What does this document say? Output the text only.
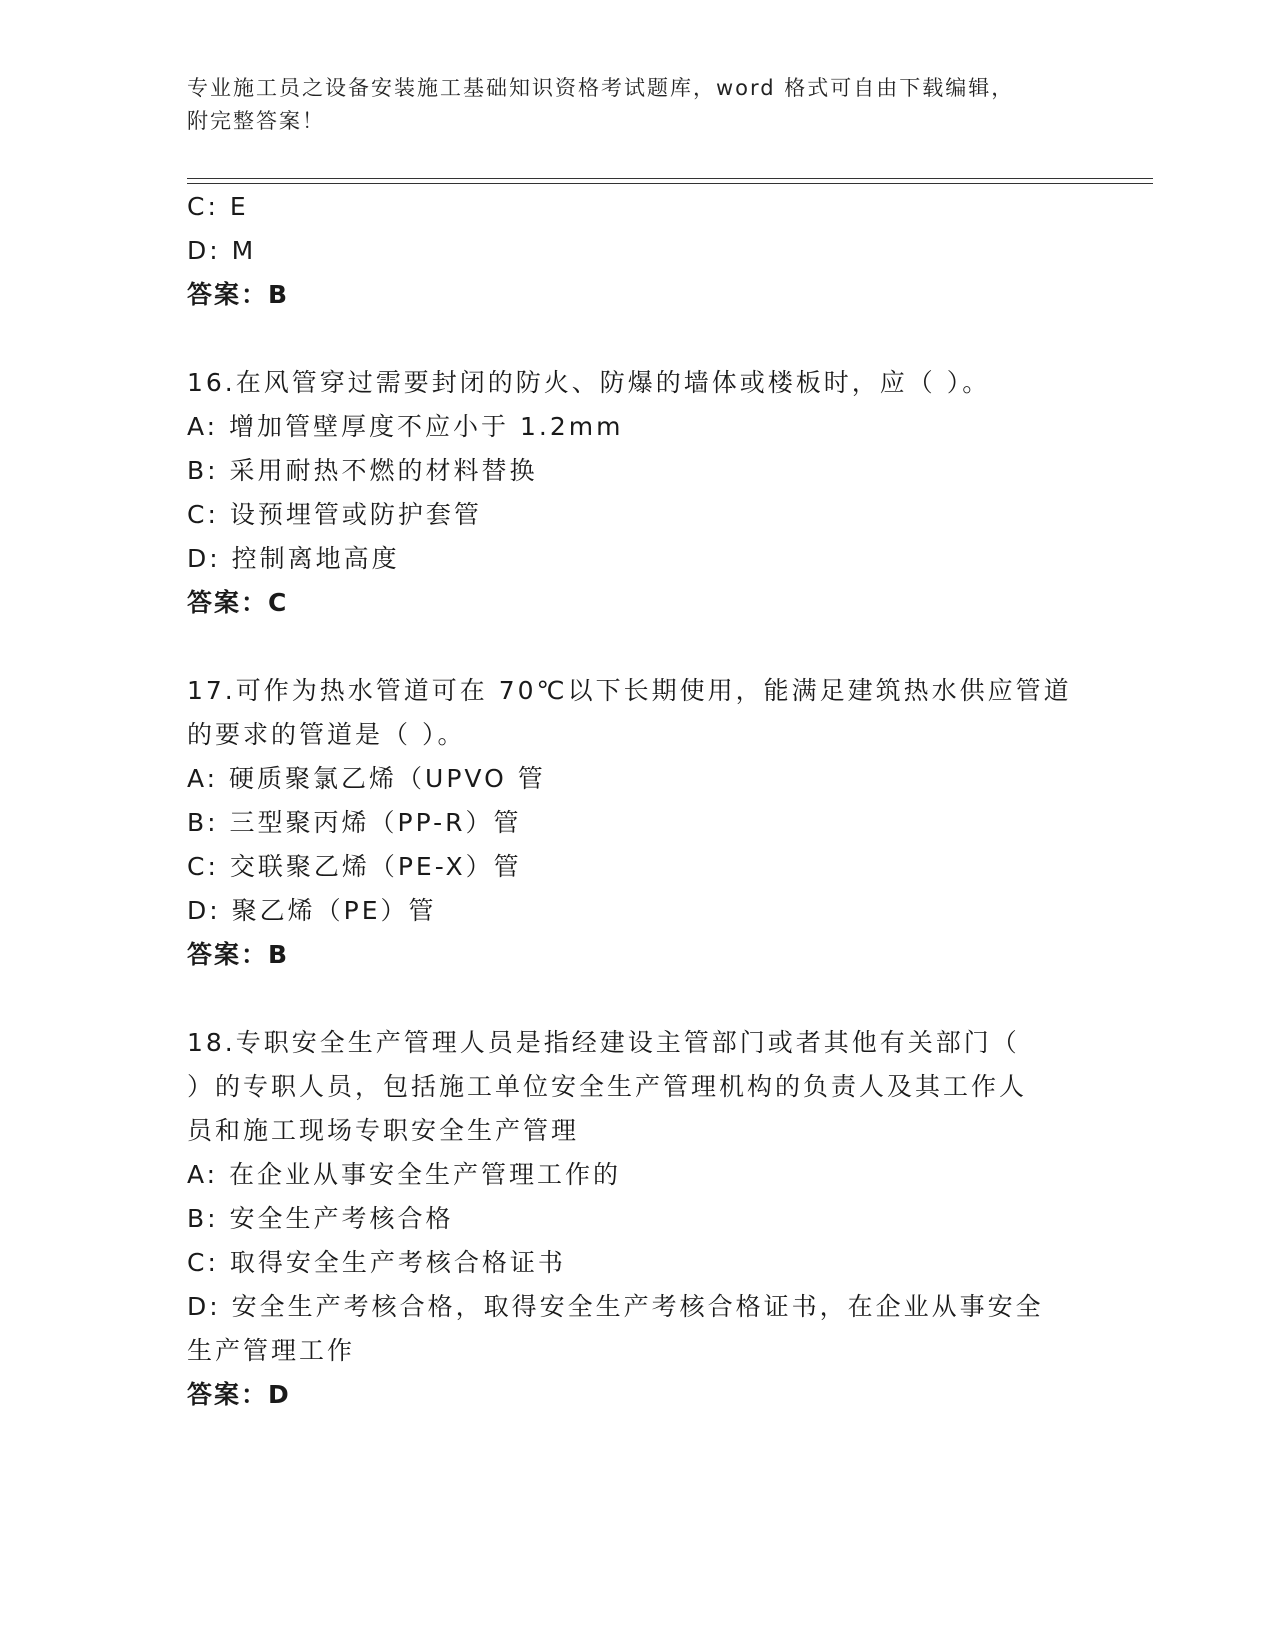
专业施工员之设备安装施工基础知识资格考试题库，word 格式可自由下载编辑，
附完整答案！
C: E
D: M
答案：B
16.在风管穿过需要封闭的防火、防爆的墙体或楼板时，应（ ）。
A: 增加管壁厚度不应小于 1.2mm
B: 采用耐热不燃的材料替换
C: 设预埋管或防护套管
D: 控制离地高度
答案：C
17.可作为热水管道可在 70℃以下长期使用，能满足建筑热水供应管道
的要求的管道是（ ）。
A: 硬质聚氯乙烯（UPVO 管
B: 三型聚丙烯（PP-R）管
C: 交联聚乙烯（PE-X）管
D: 聚乙烯（PE）管
答案：B
18.专职安全生产管理人员是指经建设主管部门或者其他有关部门（
）的专职人员，包括施工单位安全生产管理机构的负责人及其工作人
员和施工现场专职安全生产管理
A: 在企业从事安全生产管理工作的
B: 安全生产考核合格
C: 取得安全生产考核合格证书
D: 安全生产考核合格，取得安全生产考核合格证书，在企业从事安全
生产管理工作
答案：D
